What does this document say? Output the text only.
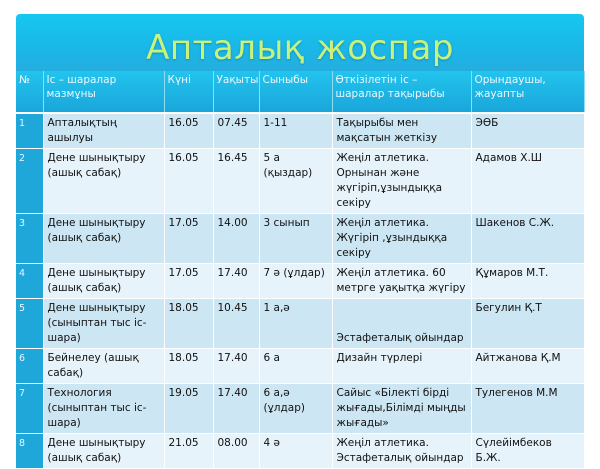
Апталық жоспар
№	Іс – шаралар мазмұны	Күні	Уақыты	Сыныбы	Өткізілетін іс – шаралар тақырыбы	Орындаушы, жауапты
1	Апталықтың ашылуы	16.05	07.45	1-11	Тақырыбы мен мақсатын жеткізу	ЭӨБ
2	Дене шынықтыру (ашық сабақ)	16.05	16.45	5 а (қыздар)	Жеңіл атлетика. Орнынан және жүгіріп,ұзындыққа секіру	Адамов Х.Ш
3	Дене шынықтыру (ашық сабақ)	17.05	14.00	3 сынып	Жеңіл атлетика. Жүгіріп ,ұзындыққа секіру	Шакенов С.Ж.
4	Дене шынықтыру (ашық сабақ)	17.05	17.40	7 ә (ұлдар)	Жеңіл атлетика. 60 метрге уақытқа жүгіру	Құмаров М.Т.
5	Дене шынықтыру (сыныптан тыс іс-шара)	18.05	10.45	1 а,ә	Эстафеталық ойындар	Бегулин Қ.Т
6	Бейнелеу (ашық сабақ)	18.05	17.40	6 а	Дизайн түрлері	Айтжанова Қ.М
7	Технология (сыныптан тыс іс-шара)	19.05	17.40	6 а,ә (ұлдар)	Сайыс «Білекті бірді жығады,Білімді мыңды жығады»	Тулегенов М.М
8	Дене шынықтыру (ашық сабақ)	21.05	08.00	4 ә	Жеңіл атлетика. Эстафеталық ойындар	Сүлейімбеков Б.Ж.
